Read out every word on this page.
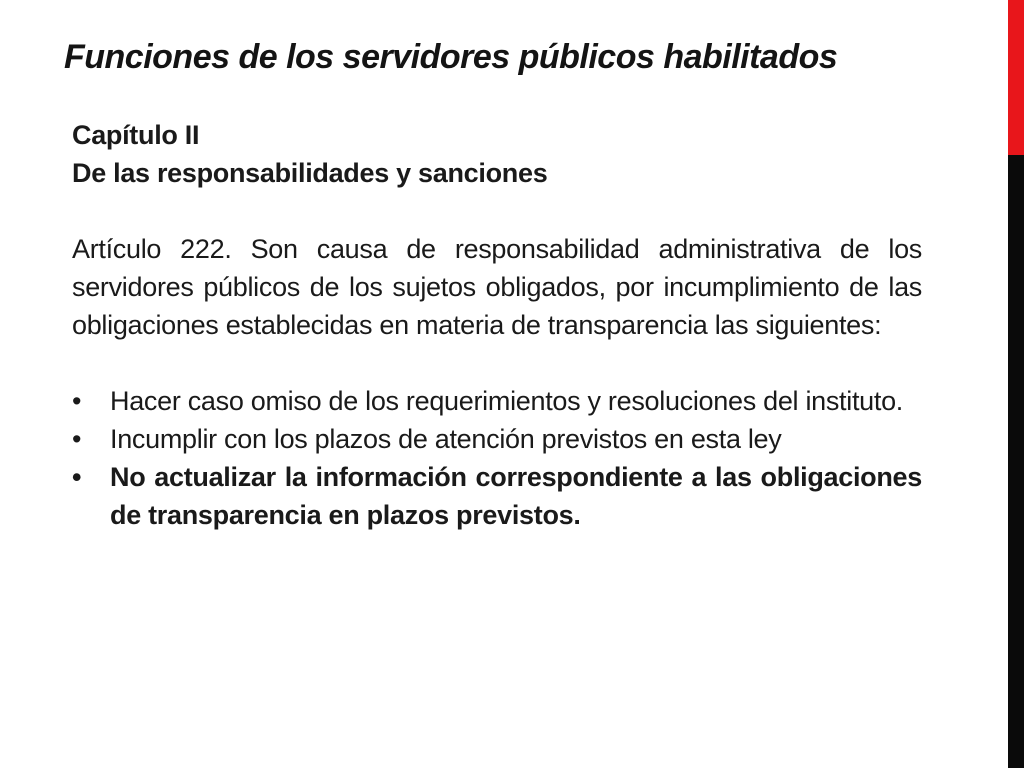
Funciones de los servidores públicos habilitados
Capítulo II
De las responsabilidades y sanciones

Artículo 222. Son causa de responsabilidad administrativa de los servidores públicos de los sujetos obligados, por incumplimiento de las obligaciones establecidas en materia de transparencia las siguientes:

• Hacer caso omiso de los requerimientos y resoluciones del instituto.
• Incumplir con los plazos de atención previstos en esta ley
• No actualizar la información correspondiente a las obligaciones de transparencia en plazos previstos.
